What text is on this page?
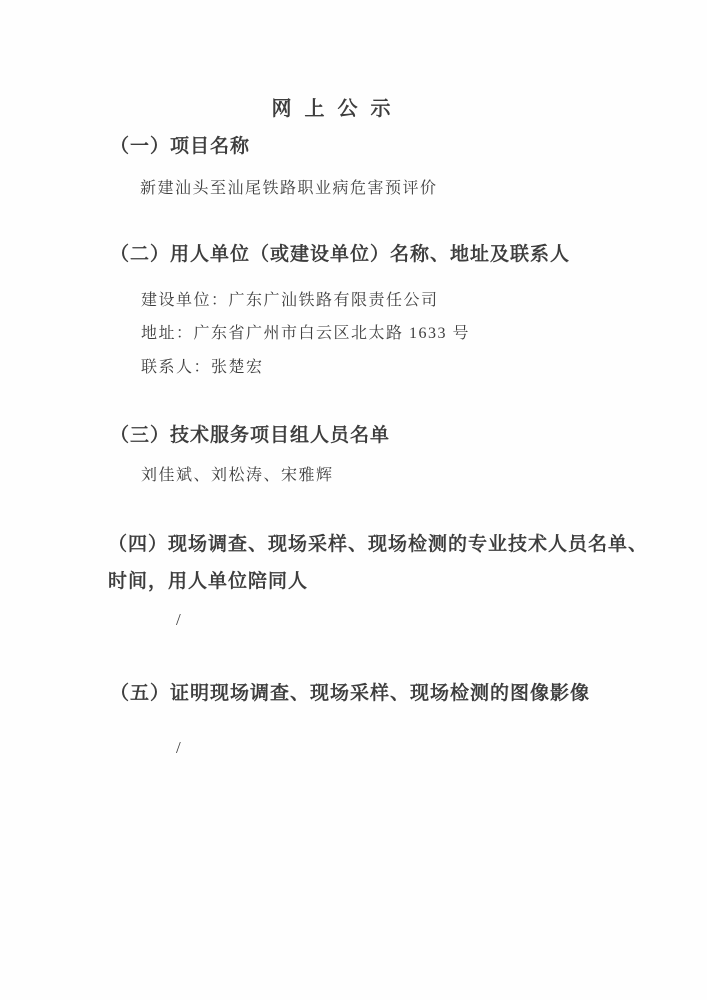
网 上 公 示
（一）项目名称
新建汕头至汕尾铁路职业病危害预评价
（二）用人单位（或建设单位）名称、地址及联系人
建设单位：广东广汕铁路有限责任公司
地址：广东省广州市白云区北太路 1633 号
联系人：张楚宏
（三）技术服务项目组人员名单
刘佳斌、刘松涛、宋雅辉
（四）现场调查、现场采样、现场检测的专业技术人员名单、
时间，用人单位陪同人
/
（五）证明现场调查、现场采样、现场检测的图像影像
/
